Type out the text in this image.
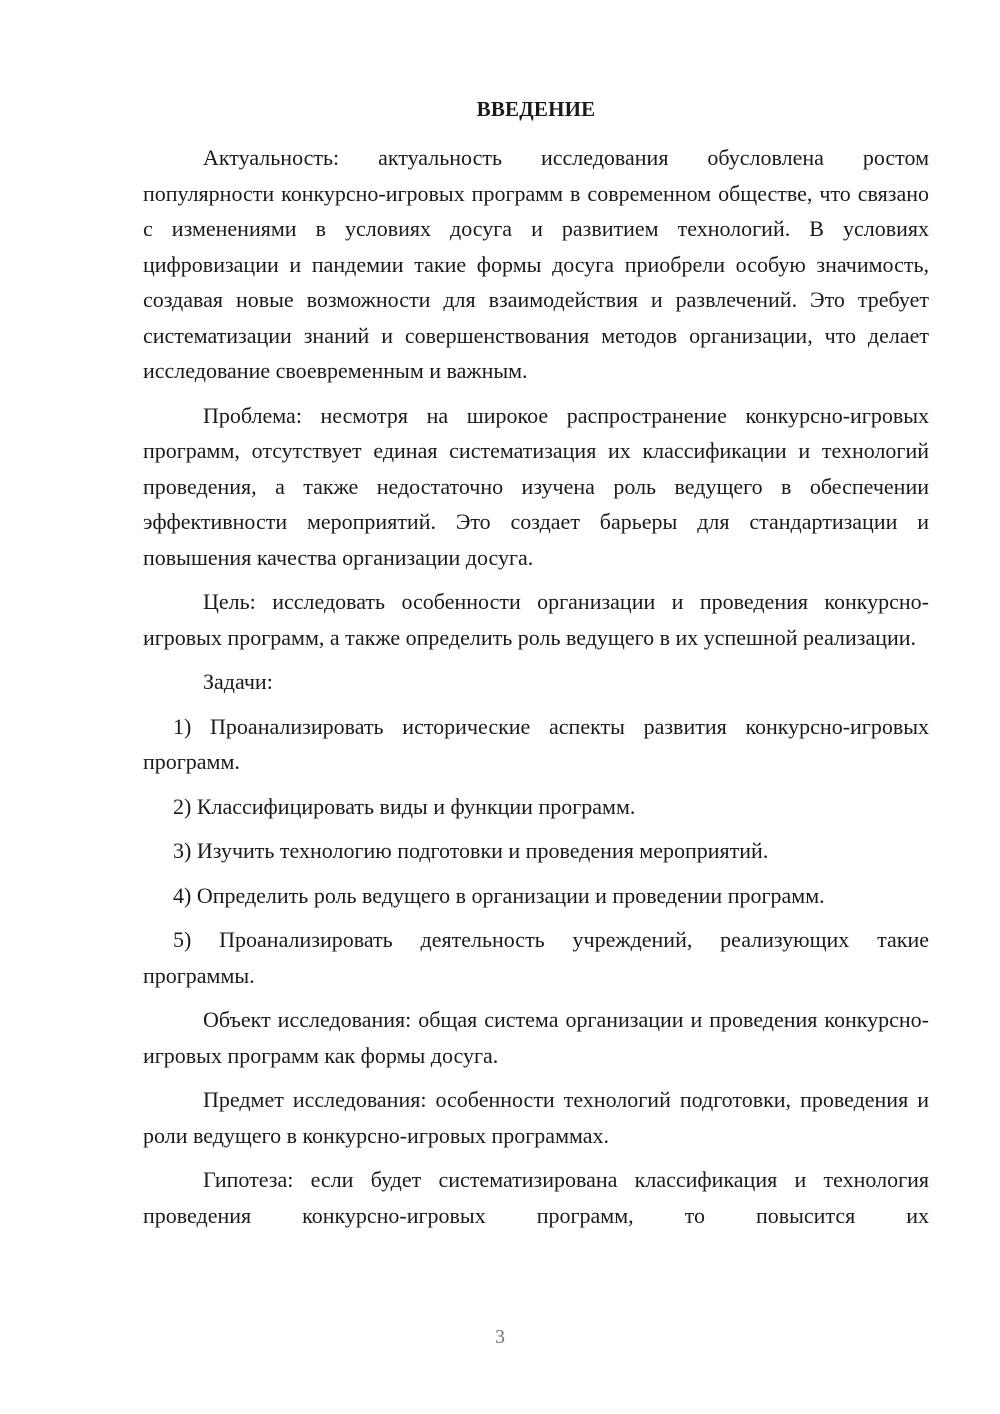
ВВЕДЕНИЕ

Актуальность: актуальность исследования обусловлена ростом популярности конкурсно-игровых программ в современном обществе, что связано с изменениями в условиях досуга и развитием технологий. В условиях цифровизации и пандемии такие формы досуга приобрели особую значимость, создавая новые возможности для взаимодействия и развлечений. Это требует систематизации знаний и совершенствования методов организации, что делает исследование своевременным и важным.

Проблема: несмотря на широкое распространение конкурсно-игровых программ, отсутствует единая систематизация их классификации и технологий проведения, а также недостаточно изучена роль ведущего в обеспечении эффективности мероприятий. Это создает барьеры для стандартизации и повышения качества организации досуга.

Цель: исследовать особенности организации и проведения конкурсно-игровых программ, а также определить роль ведущего в их успешной реализации.

Задачи:

1) Проанализировать исторические аспекты развития конкурсно-игровых программ.

2) Классифицировать виды и функции программ.

3) Изучить технологию подготовки и проведения мероприятий.

4) Определить роль ведущего в организации и проведении программ.

5) Проанализировать деятельность учреждений, реализующих такие программы.

Объект исследования: общая система организации и проведения конкурсно-игровых программ как формы досуга.

Предмет исследования: особенности технологий подготовки, проведения и роли ведущего в конкурсно-игровых программах.

Гипотеза: если будет систематизирована классификация и технология проведения конкурсно-игровых программ, то повысится их

3
